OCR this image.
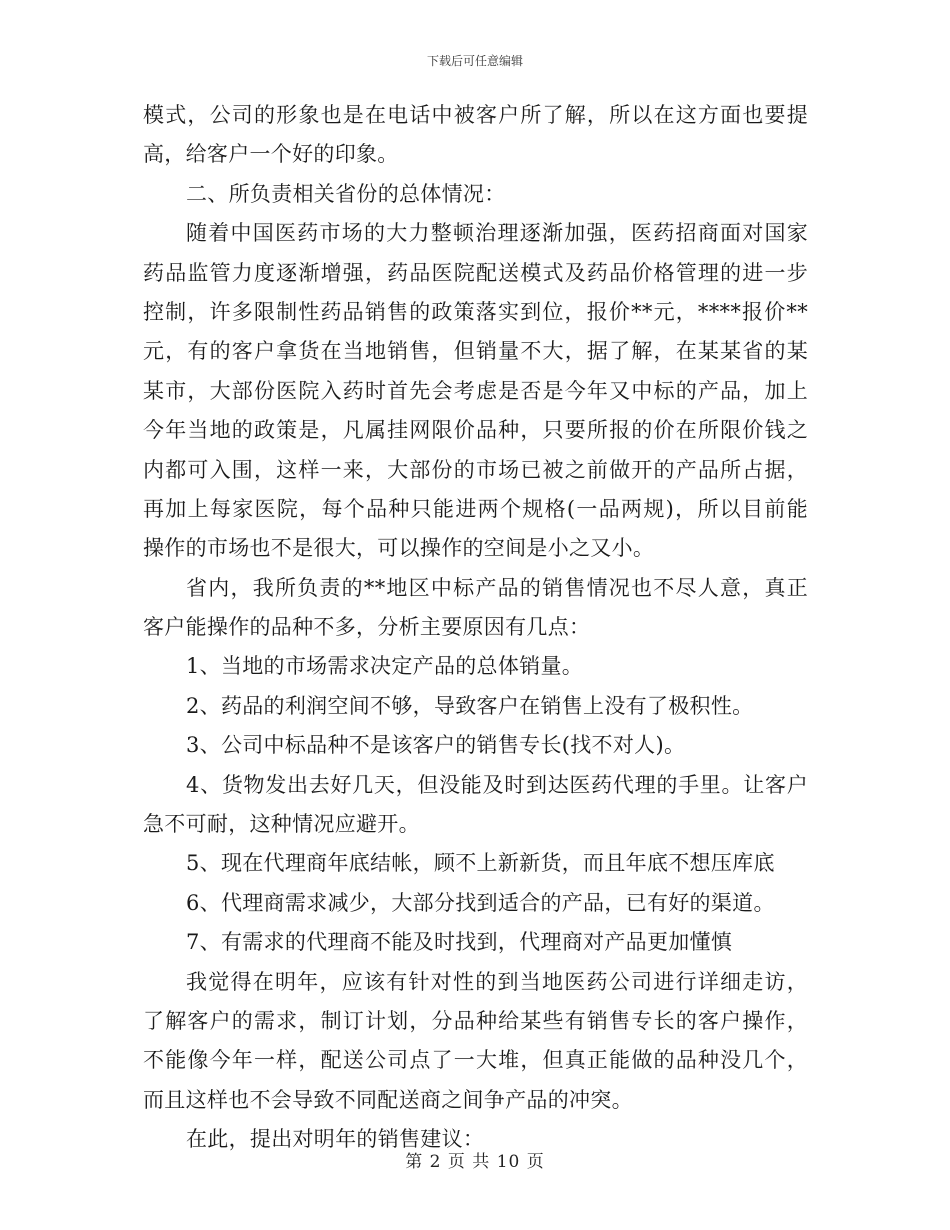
下载后可任意编辑
模式，公司的形象也是在电话中被客户所了解，所以在这方面也要提
高，给客户一个好的印象。
二、所负责相关省份的总体情况：
随着中国医药市场的大力整顿治理逐渐加强，医药招商面对国家
药品监管力度逐渐增强，药品医院配送模式及药品价格管理的进一步
控制，许多限制性药品销售的政策落实到位，报价**元，****报价**
元，有的客户拿货在当地销售，但销量不大，据了解，在某某省的某
某市，大部份医院入药时首先会考虑是否是今年又中标的产品，加上
今年当地的政策是，凡属挂网限价品种，只要所报的价在所限价钱之
内都可入围，这样一来，大部份的市场已被之前做开的产品所占据，
再加上每家医院，每个品种只能进两个规格(一品两规)，所以目前能
操作的市场也不是很大，可以操作的空间是小之又小。
省内，我所负责的**地区中标产品的销售情况也不尽人意，真正
客户能操作的品种不多，分析主要原因有几点：
1、当地的市场需求决定产品的总体销量。
2、药品的利润空间不够，导致客户在销售上没有了极积性。
3、公司中标品种不是该客户的销售专长(找不对人)。
4、货物发出去好几天，但没能及时到达医药代理的手里。让客户
急不可耐，这种情况应避开。
5、现在代理商年底结帐，顾不上新新货，而且年底不想压库底
6、代理商需求减少，大部分找到适合的产品，已有好的渠道。
7、有需求的代理商不能及时找到，代理商对产品更加懂慎
我觉得在明年，应该有针对性的到当地医药公司进行详细走访，
了解客户的需求，制订计划，分品种给某些有销售专长的客户操作，
不能像今年一样，配送公司点了一大堆，但真正能做的品种没几个，
而且这样也不会导致不同配送商之间争产品的冲突。
在此，提出对明年的销售建议：
第 2 页 共 10 页
